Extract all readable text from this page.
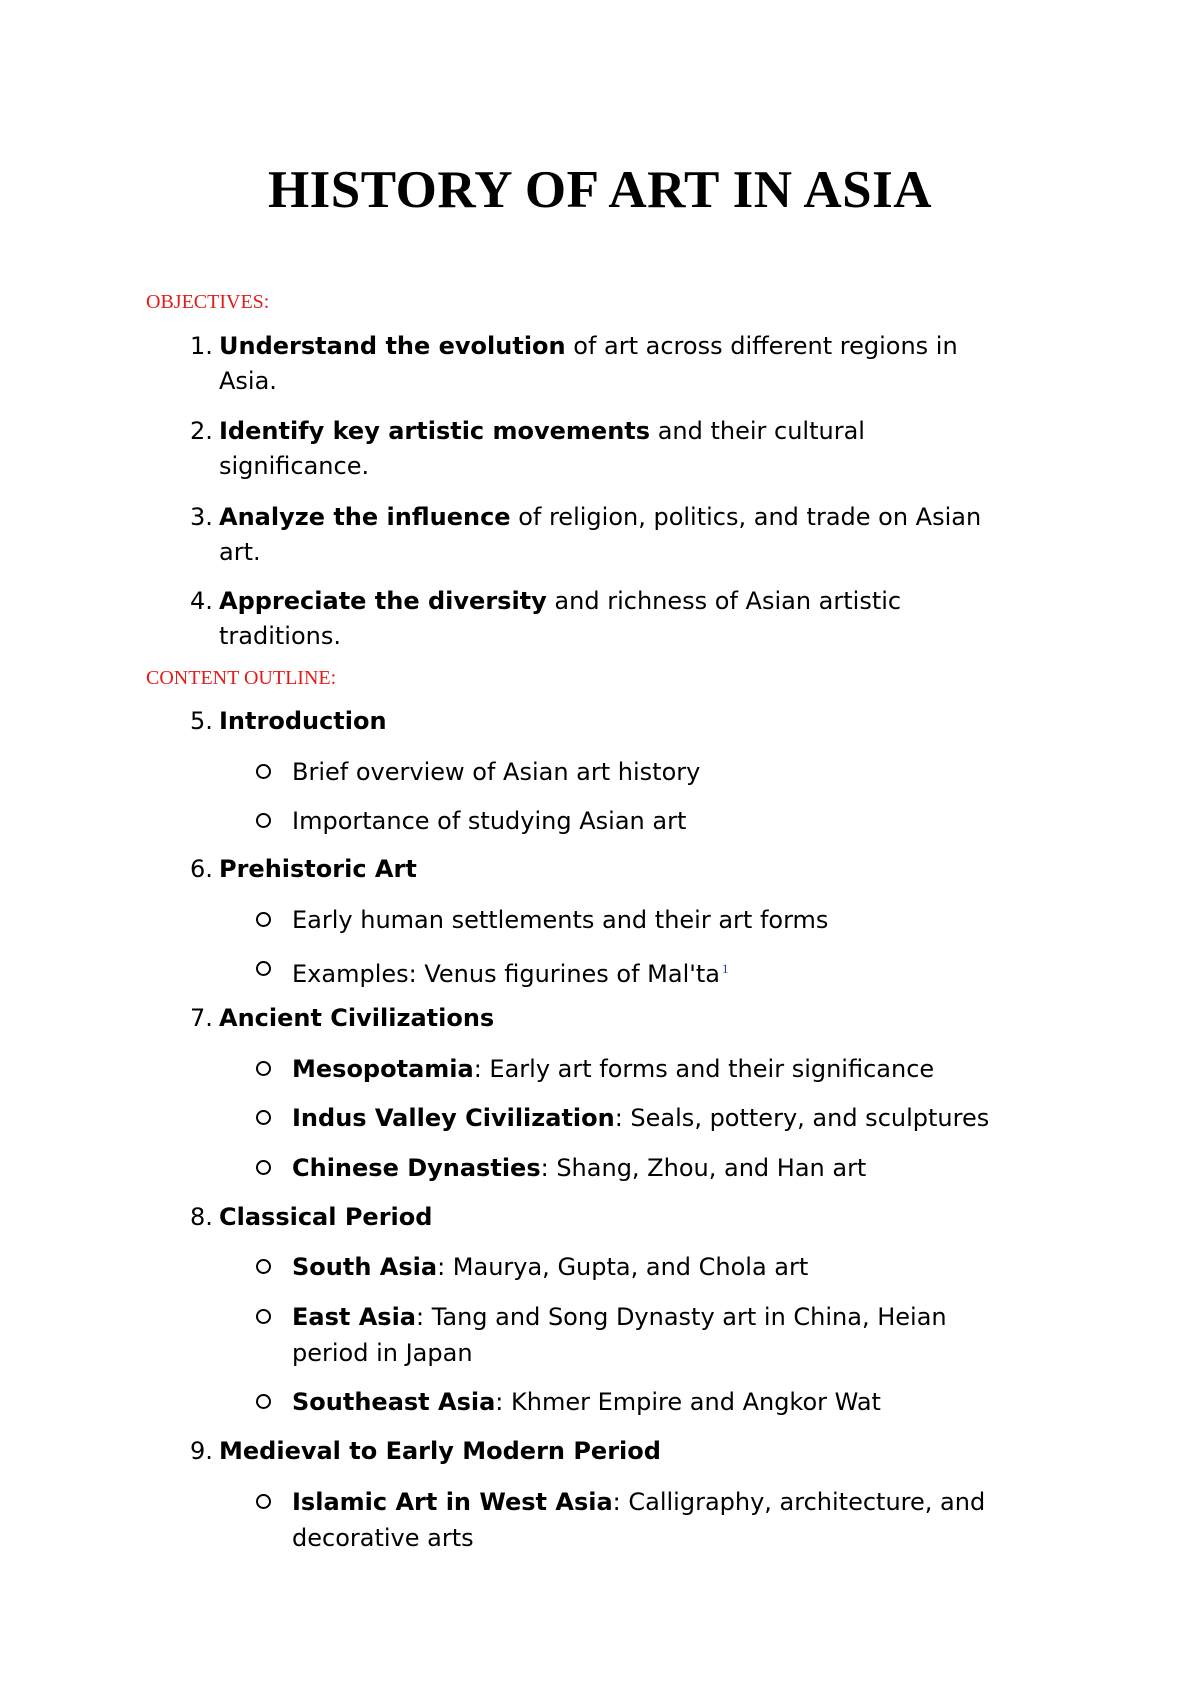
HISTORY OF ART IN ASIA

OBJECTIVES:

1. Understand the evolution of art across different regions in
Asia.
2. Identify key artistic movements and their cultural
significance.
3. Analyze the influence of religion, politics, and trade on Asian
art.
4. Appreciate the diversity and richness of Asian artistic
traditions.

CONTENT OUTLINE:

5. Introduction
Brief overview of Asian art history
Importance of studying Asian art
6. Prehistoric Art
Early human settlements and their art forms
Examples: Venus figurines of Mal'ta $^1$
7. Ancient Civilizations
Mesopotamia: Early art forms and their significance
Indus Valley Civilization: Seals, pottery, and sculptures
Chinese Dynasties: Shang, Zhou, and Han art
8. Classical Period
South Asia: Maurya, Gupta, and Chola art
East Asia: Tang and Song Dynasty art in China, Heian
period in Japan
Southeast Asia: Khmer Empire and Angkor Wat
9. Medieval to Early Modern Period
Islamic Art in West Asia: Calligraphy, architecture, and
decorative arts
